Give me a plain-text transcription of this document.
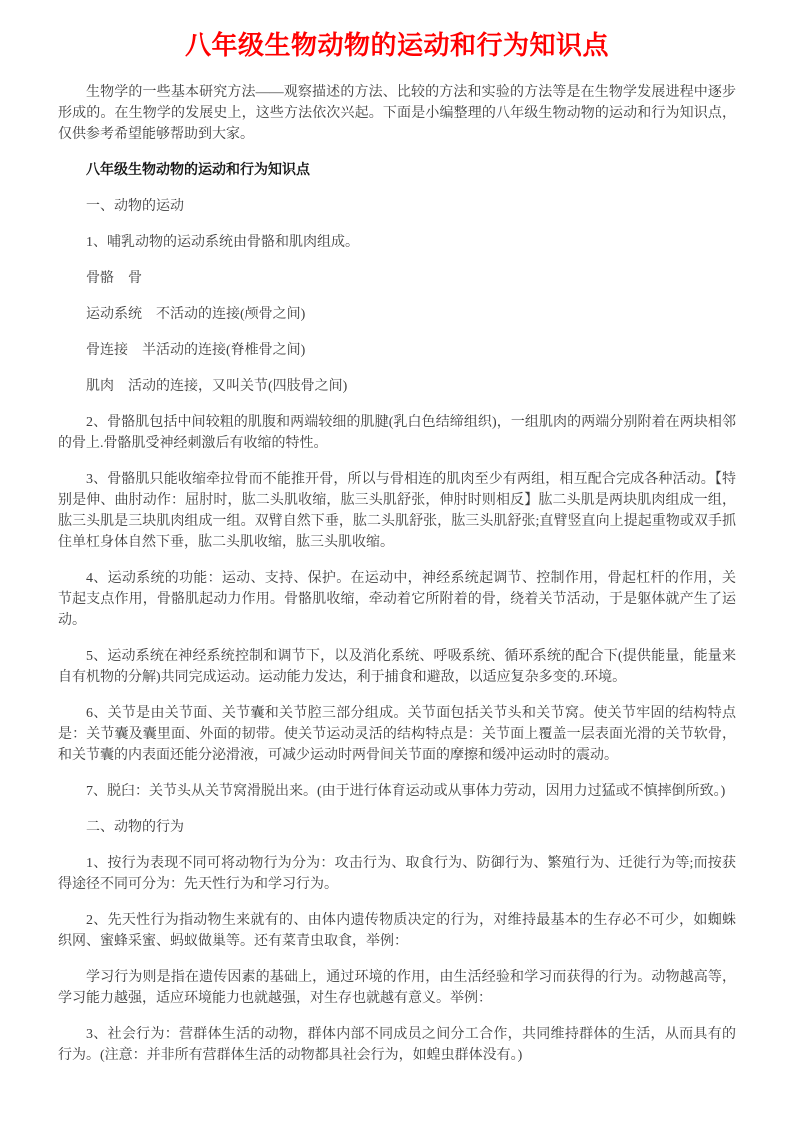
八年级生物动物的运动和行为知识点

生物学的一些基本研究方法——观察描述的方法、比较的方法和实验的方法等是在生物学发展进程中逐步形成的。在生物学的发展史上，这些方法依次兴起。下面是小编整理的八年级生物动物的运动和行为知识点，仅供参考希望能够帮助到大家。

八年级生物动物的运动和行为知识点

一、动物的运动

1、哺乳动物的运动系统由骨骼和肌肉组成。

骨骼　骨

运动系统　不活动的连接(颅骨之间)

骨连接　半活动的连接(脊椎骨之间)

肌肉　活动的连接，又叫关节(四肢骨之间)

2、骨骼肌包括中间较粗的肌腹和两端较细的肌腱(乳白色结缔组织)，一组肌肉的两端分别附着在两块相邻的骨上.骨骼肌受神经刺激后有收缩的特性。

3、骨骼肌只能收缩牵拉骨而不能推开骨，所以与骨相连的肌肉至少有两组，相互配合完成各种活动。【特别是伸、曲肘动作：屈肘时，肱二头肌收缩，肱三头肌舒张，伸肘时则相反】肱二头肌是两块肌肉组成一组，肱三头肌是三块肌肉组成一组。双臂自然下垂，肱二头肌舒张，肱三头肌舒张;直臂竖直向上提起重物或双手抓住单杠身体自然下垂，肱二头肌收缩，肱三头肌收缩。

4、运动系统的功能：运动、支持、保护。在运动中，神经系统起调节、控制作用，骨起杠杆的作用，关节起支点作用，骨骼肌起动力作用。骨骼肌收缩，牵动着它所附着的骨，绕着关节活动，于是躯体就产生了运动。

5、运动系统在神经系统控制和调节下，以及消化系统、呼吸系统、循环系统的配合下(提供能量，能量来自有机物的分解)共同完成运动。运动能力发达，利于捕食和避敌，以适应复杂多变的.环境。

6、关节是由关节面、关节囊和关节腔三部分组成。关节面包括关节头和关节窝。使关节牢固的结构特点是：关节囊及囊里面、外面的韧带。使关节运动灵活的结构特点是：关节面上覆盖一层表面光滑的关节软骨，和关节囊的内表面还能分泌滑液，可减少运动时两骨间关节面的摩擦和缓冲运动时的震动。

7、脱臼：关节头从关节窝滑脱出来。(由于进行体育运动或从事体力劳动，因用力过猛或不慎摔倒所致。)

二、动物的行为

1、按行为表现不同可将动物行为分为：攻击行为、取食行为、防御行为、繁殖行为、迁徙行为等;而按获得途径不同可分为：先天性行为和学习行为。

2、先天性行为指动物生来就有的、由体内遗传物质决定的行为，对维持最基本的生存必不可少，如蜘蛛织网、蜜蜂采蜜、蚂蚁做巢等。还有菜青虫取食，举例：

学习行为则是指在遗传因素的基础上，通过环境的作用，由生活经验和学习而获得的行为。动物越高等，学习能力越强，适应环境能力也就越强，对生存也就越有意义。举例：

3、社会行为：营群体生活的动物，群体内部不同成员之间分工合作，共同维持群体的生活，从而具有的行为。(注意：并非所有营群体生活的动物都具社会行为，如蝗虫群体没有。)
